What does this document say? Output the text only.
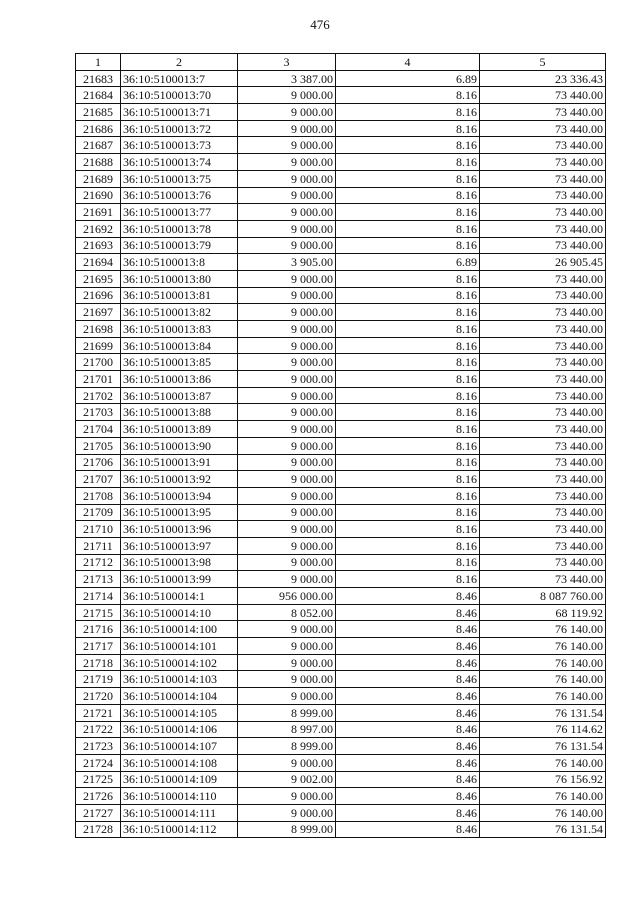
476
1	2	3	4	5
21683	36:10:5100013:7	3 387.00	6.89	23 336.43
21684	36:10:5100013:70	9 000.00	8.16	73 440.00
21685	36:10:5100013:71	9 000.00	8.16	73 440.00
21686	36:10:5100013:72	9 000.00	8.16	73 440.00
21687	36:10:5100013:73	9 000.00	8.16	73 440.00
21688	36:10:5100013:74	9 000.00	8.16	73 440.00
21689	36:10:5100013:75	9 000.00	8.16	73 440.00
21690	36:10:5100013:76	9 000.00	8.16	73 440.00
21691	36:10:5100013:77	9 000.00	8.16	73 440.00
21692	36:10:5100013:78	9 000.00	8.16	73 440.00
21693	36:10:5100013:79	9 000.00	8.16	73 440.00
21694	36:10:5100013:8	3 905.00	6.89	26 905.45
21695	36:10:5100013:80	9 000.00	8.16	73 440.00
21696	36:10:5100013:81	9 000.00	8.16	73 440.00
21697	36:10:5100013:82	9 000.00	8.16	73 440.00
21698	36:10:5100013:83	9 000.00	8.16	73 440.00
21699	36:10:5100013:84	9 000.00	8.16	73 440.00
21700	36:10:5100013:85	9 000.00	8.16	73 440.00
21701	36:10:5100013:86	9 000.00	8.16	73 440.00
21702	36:10:5100013:87	9 000.00	8.16	73 440.00
21703	36:10:5100013:88	9 000.00	8.16	73 440.00
21704	36:10:5100013:89	9 000.00	8.16	73 440.00
21705	36:10:5100013:90	9 000.00	8.16	73 440.00
21706	36:10:5100013:91	9 000.00	8.16	73 440.00
21707	36:10:5100013:92	9 000.00	8.16	73 440.00
21708	36:10:5100013:94	9 000.00	8.16	73 440.00
21709	36:10:5100013:95	9 000.00	8.16	73 440.00
21710	36:10:5100013:96	9 000.00	8.16	73 440.00
21711	36:10:5100013:97	9 000.00	8.16	73 440.00
21712	36:10:5100013:98	9 000.00	8.16	73 440.00
21713	36:10:5100013:99	9 000.00	8.16	73 440.00
21714	36:10:5100014:1	956 000.00	8.46	8 087 760.00
21715	36:10:5100014:10	8 052.00	8.46	68 119.92
21716	36:10:5100014:100	9 000.00	8.46	76 140.00
21717	36:10:5100014:101	9 000.00	8.46	76 140.00
21718	36:10:5100014:102	9 000.00	8.46	76 140.00
21719	36:10:5100014:103	9 000.00	8.46	76 140.00
21720	36:10:5100014:104	9 000.00	8.46	76 140.00
21721	36:10:5100014:105	8 999.00	8.46	76 131.54
21722	36:10:5100014:106	8 997.00	8.46	76 114.62
21723	36:10:5100014:107	8 999.00	8.46	76 131.54
21724	36:10:5100014:108	9 000.00	8.46	76 140.00
21725	36:10:5100014:109	9 002.00	8.46	76 156.92
21726	36:10:5100014:110	9 000.00	8.46	76 140.00
21727	36:10:5100014:111	9 000.00	8.46	76 140.00
21728	36:10:5100014:112	8 999.00	8.46	76 131.54
